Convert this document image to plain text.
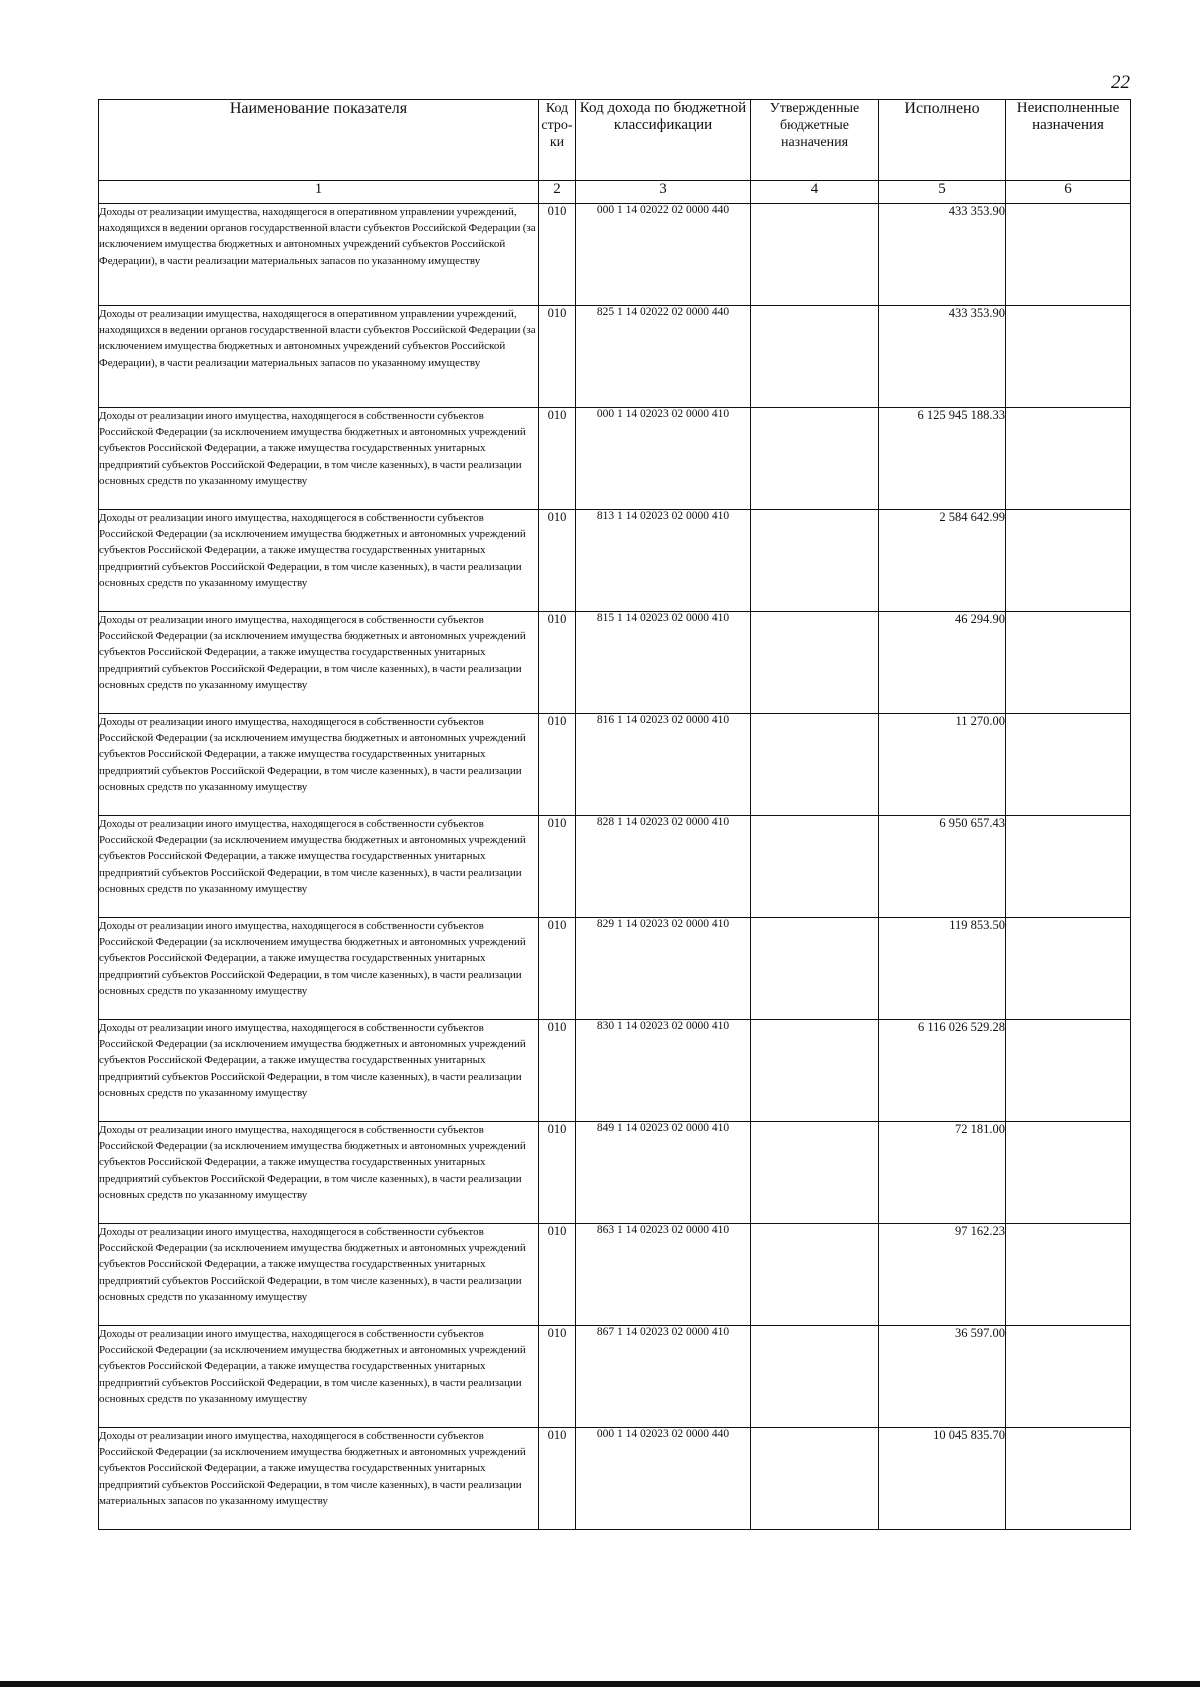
22
Наименование показателя	Код стро-ки	Код дохода по бюджетной классификации	Утвержденные бюджетные назначения	Исполнено	Неисполненные назначения
1	2	3	4	5	6
Доходы от реализации имущества, находящегося в оперативном управлении учреждений, находящихся в ведении органов государственной власти субъектов Российской Федерации (за исключением имущества бюджетных и автономных учреждений субъектов Российской Федерации), в части реализации материальных запасов по указанному имуществу	010	000 1 14 02022 02 0000 440		433 353.90	
Доходы от реализации имущества, находящегося в оперативном управлении учреждений, находящихся в ведении органов государственной власти субъектов Российской Федерации (за исключением имущества бюджетных и автономных учреждений субъектов Российской Федерации), в части реализации материальных запасов по указанному имуществу	010	825 1 14 02022 02 0000 440		433 353.90	
Доходы от реализации иного имущества, находящегося в собственности субъектов Российской Федерации (за исключением имущества бюджетных и автономных учреждений субъектов Российской Федерации, а также имущества государственных унитарных предприятий субъектов Российской Федерации, в том числе казенных), в части реализации основных средств по указанному имуществу	010	000 1 14 02023 02 0000 410		6 125 945 188.33	
Доходы от реализации иного имущества, находящегося в собственности субъектов Российской Федерации (за исключением имущества бюджетных и автономных учреждений субъектов Российской Федерации, а также имущества государственных унитарных предприятий субъектов Российской Федерации, в том числе казенных), в части реализации основных средств по указанному имуществу	010	813 1 14 02023 02 0000 410		2 584 642.99	
Доходы от реализации иного имущества, находящегося в собственности субъектов Российской Федерации (за исключением имущества бюджетных и автономных учреждений субъектов Российской Федерации, а также имущества государственных унитарных предприятий субъектов Российской Федерации, в том числе казенных), в части реализации основных средств по указанному имуществу	010	815 1 14 02023 02 0000 410		46 294.90	
Доходы от реализации иного имущества, находящегося в собственности субъектов Российской Федерации (за исключением имущества бюджетных и автономных учреждений субъектов Российской Федерации, а также имущества государственных унитарных предприятий субъектов Российской Федерации, в том числе казенных), в части реализации основных средств по указанному имуществу	010	816 1 14 02023 02 0000 410		11 270.00	
Доходы от реализации иного имущества, находящегося в собственности субъектов Российской Федерации (за исключением имущества бюджетных и автономных учреждений субъектов Российской Федерации, а также имущества государственных унитарных предприятий субъектов Российской Федерации, в том числе казенных), в части реализации основных средств по указанному имуществу	010	828 1 14 02023 02 0000 410		6 950 657.43	
Доходы от реализации иного имущества, находящегося в собственности субъектов Российской Федерации (за исключением имущества бюджетных и автономных учреждений субъектов Российской Федерации, а также имущества государственных унитарных предприятий субъектов Российской Федерации, в том числе казенных), в части реализации основных средств по указанному имуществу	010	829 1 14 02023 02 0000 410		119 853.50	
Доходы от реализации иного имущества, находящегося в собственности субъектов Российской Федерации (за исключением имущества бюджетных и автономных учреждений субъектов Российской Федерации, а также имущества государственных унитарных предприятий субъектов Российской Федерации, в том числе казенных), в части реализации основных средств по указанному имуществу	010	830 1 14 02023 02 0000 410		6 116 026 529.28	
Доходы от реализации иного имущества, находящегося в собственности субъектов Российской Федерации (за исключением имущества бюджетных и автономных учреждений субъектов Российской Федерации, а также имущества государственных унитарных предприятий субъектов Российской Федерации, в том числе казенных), в части реализации основных средств по указанному имуществу	010	849 1 14 02023 02 0000 410		72 181.00	
Доходы от реализации иного имущества, находящегося в собственности субъектов Российской Федерации (за исключением имущества бюджетных и автономных учреждений субъектов Российской Федерации, а также имущества государственных унитарных предприятий субъектов Российской Федерации, в том числе казенных), в части реализации основных средств по указанному имуществу	010	863 1 14 02023 02 0000 410		97 162.23	
Доходы от реализации иного имущества, находящегося в собственности субъектов Российской Федерации (за исключением имущества бюджетных и автономных учреждений субъектов Российской Федерации, а также имущества государственных унитарных предприятий субъектов Российской Федерации, в том числе казенных), в части реализации основных средств по указанному имуществу	010	867 1 14 02023 02 0000 410		36 597.00	
Доходы от реализации иного имущества, находящегося в собственности субъектов Российской Федерации (за исключением имущества бюджетных и автономных учреждений субъектов Российской Федерации, а также имущества государственных унитарных предприятий субъектов Российской Федерации, в том числе казенных), в части реализации материальных запасов по указанному имуществу	010	000 1 14 02023 02 0000 440		10 045 835.70	
